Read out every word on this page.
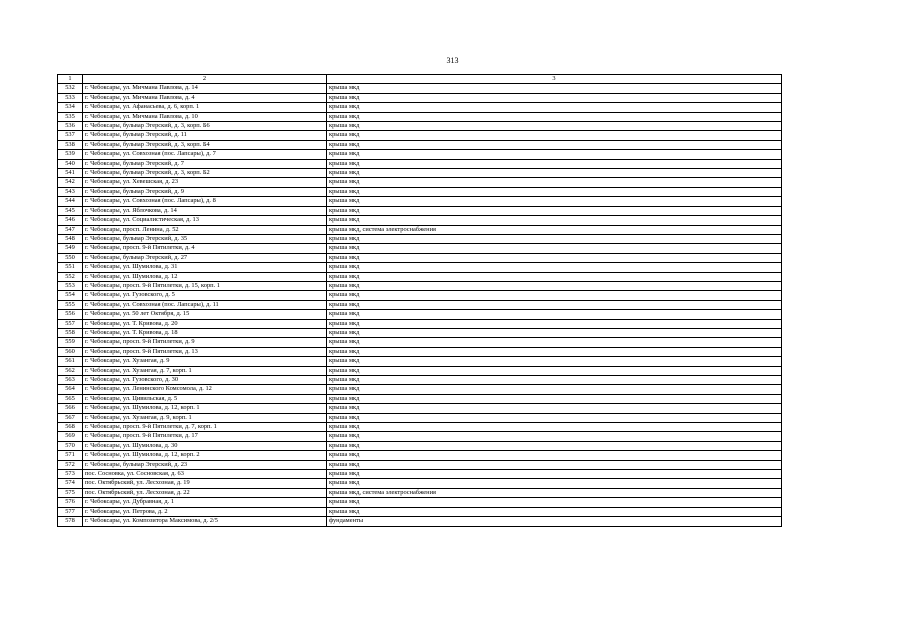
313
1	2	3
532	г. Чебоксары, ул. Мичмана Павлова, д. 14	крыша мкд
533	г. Чебоксары, ул. Мичмана Павлова, д. 4	крыша мкд
534	г. Чебоксары, ул. Афанасьева, д. 6, корп. 1	крыша мкд
535	г. Чебоксары, ул. Мичмана Павлова, д. 10	крыша мкд
536	г. Чебоксары, бульвар Эгерский, д. 3, корп. Б6	крыша мкд
537	г. Чебоксары, бульвар Эгерский, д. 11	крыша мкд
538	г. Чебоксары, бульвар Эгерский, д. 3, корп. Б4	крыша мкд
539	г. Чебоксары, ул. Совхозная (пос. Лапсары), д. 7	крыша мкд
540	г. Чебоксары, бульвар Эгерский, д. 7	крыша мкд
541	г. Чебоксары, бульвар Эгерский, д. 3, корп. Б2	крыша мкд
542	г. Чебоксары, ул. Хевешская, д. 23	крыша мкд
543	г. Чебоксары, бульвар Эгерский, д. 9	крыша мкд
544	г. Чебоксары, ул. Совхозная (пос. Лапсары), д. 8	крыша мкд
545	г. Чебоксары, ул. Яблочкова, д. 14	крыша мкд
546	г. Чебоксары, ул. Социалистическая, д. 13	крыша мкд
547	г. Чебоксары, просп. Ленина, д. 52	крыша мкд, система электроснабжения
548	г. Чебоксары, бульвар Эгерский, д. 35	крыша мкд
549	г. Чебоксары, просп. 9-й Пятилетки, д. 4	крыша мкд
550	г. Чебоксары, бульвар Эгерский, д. 27	крыша мкд
551	г. Чебоксары, ул. Шумилова, д. 31	крыша мкд
552	г. Чебоксары, ул. Шумилова, д. 12	крыша мкд
553	г. Чебоксары, просп. 9-й Пятилетки, д. 15, корп. 1	крыша мкд
554	г. Чебоксары, ул. Гузовского, д. 5	крыша мкд
555	г. Чебоксары, ул. Совхозная (пос. Лапсары), д. 11	крыша мкд
556	г. Чебоксары, ул. 50 лет Октября, д. 15	крыша мкд
557	г. Чебоксары, ул. Т. Кривова, д. 20	крыша мкд
558	г. Чебоксары, ул. Т. Кривова, д. 18	крыша мкд
559	г. Чебоксары, просп. 9-й Пятилетки, д. 9	крыша мкд
560	г. Чебоксары, просп. 9-й Пятилетки, д. 13	крыша мкд
561	г. Чебоксары, ул. Хузангая, д. 9	крыша мкд
562	г. Чебоксары, ул. Хузангая, д. 7, корп. 1	крыша мкд
563	г. Чебоксары, ул. Гузовского, д. 30	крыша мкд
564	г. Чебоксары, ул. Ленинского Комсомола, д. 12	крыша мкд
565	г. Чебоксары, ул. Цивильская, д. 5	крыша мкд
566	г. Чебоксары, ул. Шумилова, д. 12, корп. 1	крыша мкд
567	г. Чебоксары, ул. Хузангая, д. 9, корп. 1	крыша мкд
568	г. Чебоксары, просп. 9-й Пятилетки, д. 7, корп. 1	крыша мкд
569	г. Чебоксары, просп. 9-й Пятилетки, д. 17	крыша мкд
570	г. Чебоксары, ул. Шумилова, д. 30	крыша мкд
571	г. Чебоксары, ул. Шумилова, д. 12, корп. 2	крыша мкд
572	г. Чебоксары, бульвар Эгерский, д. 23	крыша мкд
573	пос. Сосновка, ул. Сосновская, д. 63	крыша мкд
574	пос. Октябрьский, ул. Лесхозная, д. 19	крыша мкд
575	пос. Октябрьский, ул. Лесхозная, д. 22	крыша мкд, система электроснабжения
576	г. Чебоксары, ул. Дубравная, д. 1	крыша мкд
577	г. Чебоксары, ул. Петрова, д. 2	крыша мкд
578	г. Чебоксары, ул. Композитора Максимова, д. 2/5	фундаменты
